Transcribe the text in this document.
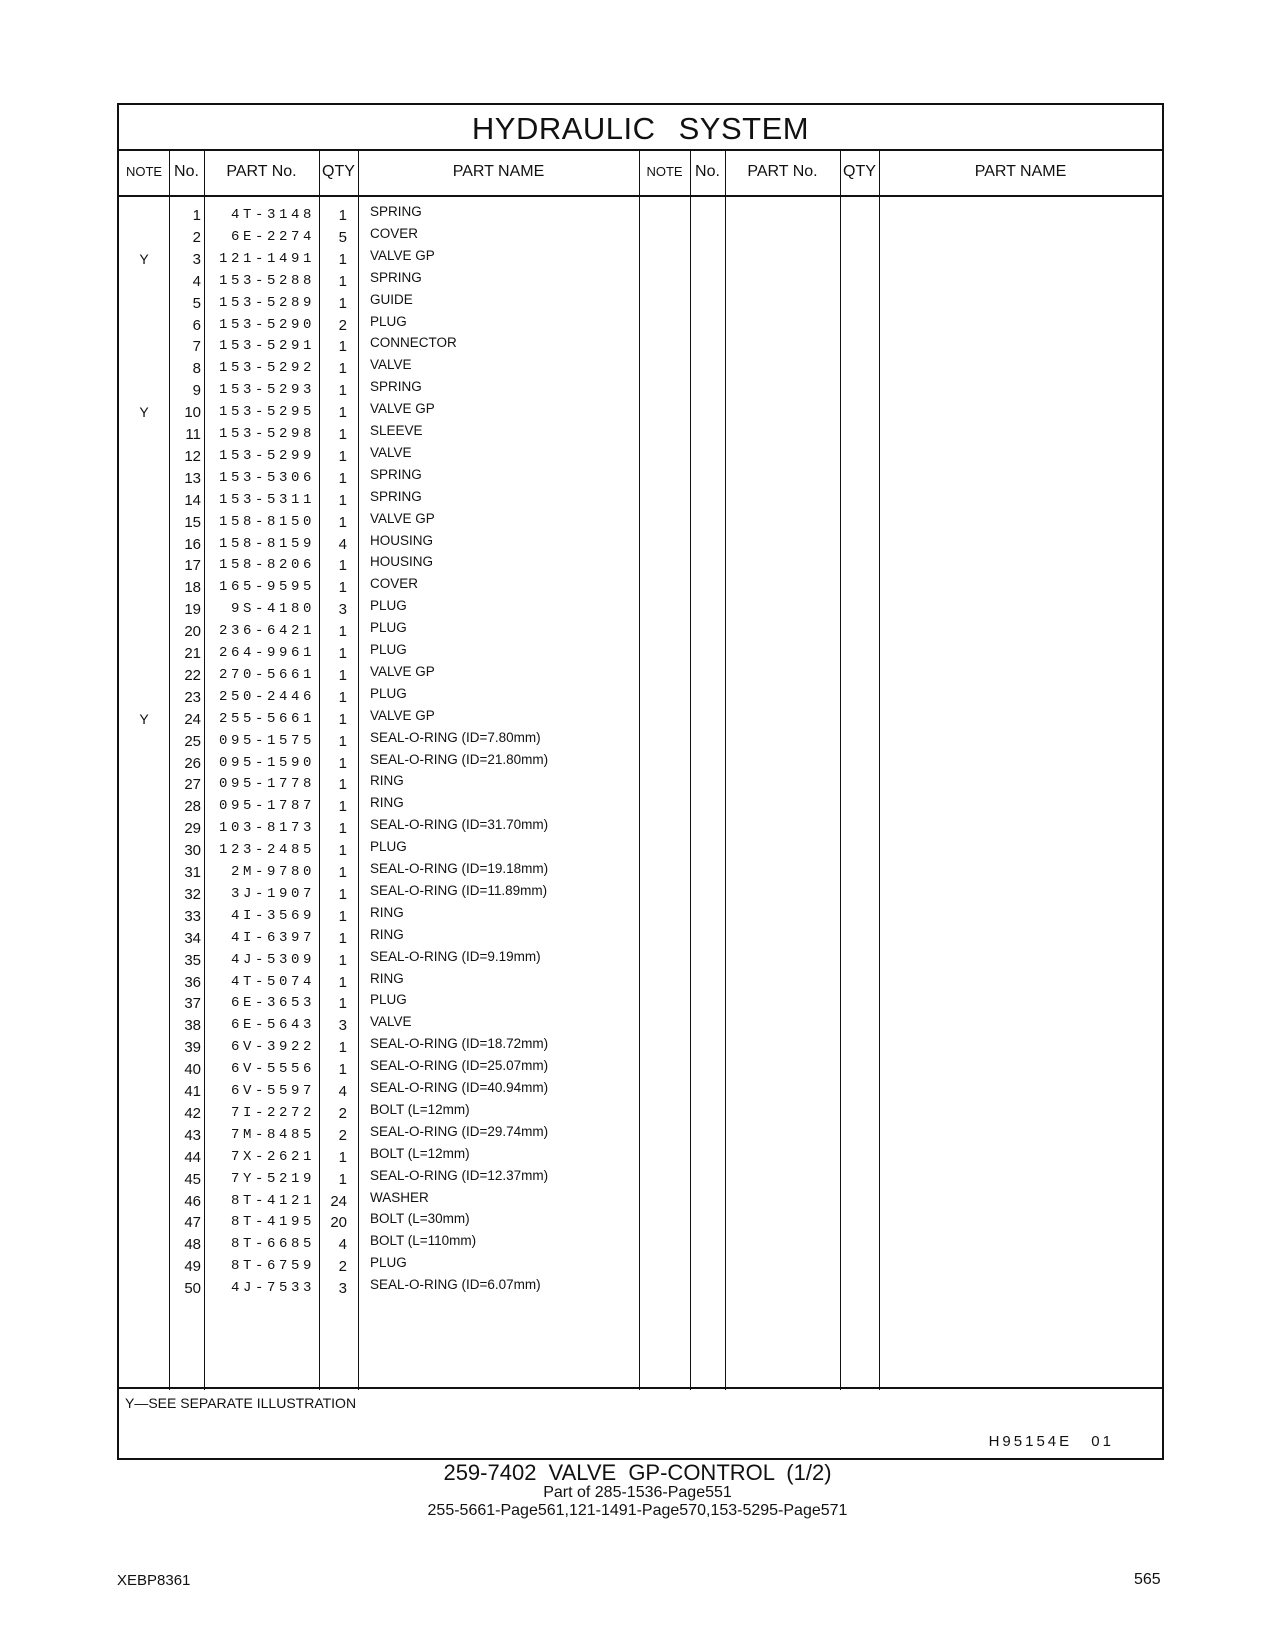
HYDRAULIC SYSTEM
NOTE No.	PART No.	QTY	PART NAME	NOTE No.	PART No.	QTY	PART NAME
1	4T-3148	1 SPRING
2	6E-2274	5 COVER
Y	3	121-1491	1 VALVE GP
4	153-5288	1 SPRING
5	153-5289	1 GUIDE
6	153-5290	2 PLUG
7	153-5291	1 CONNECTOR
8	153-5292	1 VALVE
9	153-5293	1 SPRING
Y	10	153-5295	1 VALVE GP
11	153-5298	1 SLEEVE
12	153-5299	1 VALVE
13	153-5306	1 SPRING
14	153-5311	1 SPRING
15	158-8150	1 VALVE GP
16	158-8159	4 HOUSING
17	158-8206	1 HOUSING
18	165-9595	1 COVER
19	9S-4180	3 PLUG
20	236-6421	1 PLUG
21	264-9961	1 PLUG
22	270-5661	1 VALVE GP
23	250-2446	1 PLUG
Y	24	255-5661	1 VALVE GP
25	095-1575	1 SEAL-O-RING (ID=7.80mm)
26	095-1590	1 SEAL-O-RING (ID=21.80mm)
27	095-1778	1 RING
28	095-1787	1 RING
29	103-8173	1 SEAL-O-RING (ID=31.70mm)
30	123-2485	1 PLUG
31	2M-9780	1 SEAL-O-RING (ID=19.18mm)
32	3J-1907	1 SEAL-O-RING (ID=11.89mm)
33	4I-3569	1 RING
34	4I-6397	1 RING
35	4J-5309	1 SEAL-O-RING (ID=9.19mm)
36	4T-5074	1 RING
37	6E-3653	1 PLUG
38	6E-5643	3 VALVE
39	6V-3922	1 SEAL-O-RING (ID=18.72mm)
40	6V-5556	1 SEAL-O-RING (ID=25.07mm)
41	6V-5597	4 SEAL-O-RING (ID=40.94mm)
42	7I-2272	2 BOLT (L=12mm)
43	7M-8485	2 SEAL-O-RING (ID=29.74mm)
44	7X-2621	1 BOLT (L=12mm)
45	7Y-5219	1 SEAL-O-RING (ID=12.37mm)
46	8T-4121	24 WASHER
47	8T-4195	20 BOLT (L=30mm)
48	8T-6685	4 BOLT (L=110mm)
49	8T-6759	2 PLUG
50	4J-7533	3 SEAL-O-RING (ID=6.07mm)
Y—SEE SEPARATE ILLUSTRATION
H95154E 01
259-7402 VALVE GP-CONTROL (1/2)
Part of 285-1536-Page551
255-5661-Page561,121-1491-Page570,153-5295-Page571
XEBP8361	565
